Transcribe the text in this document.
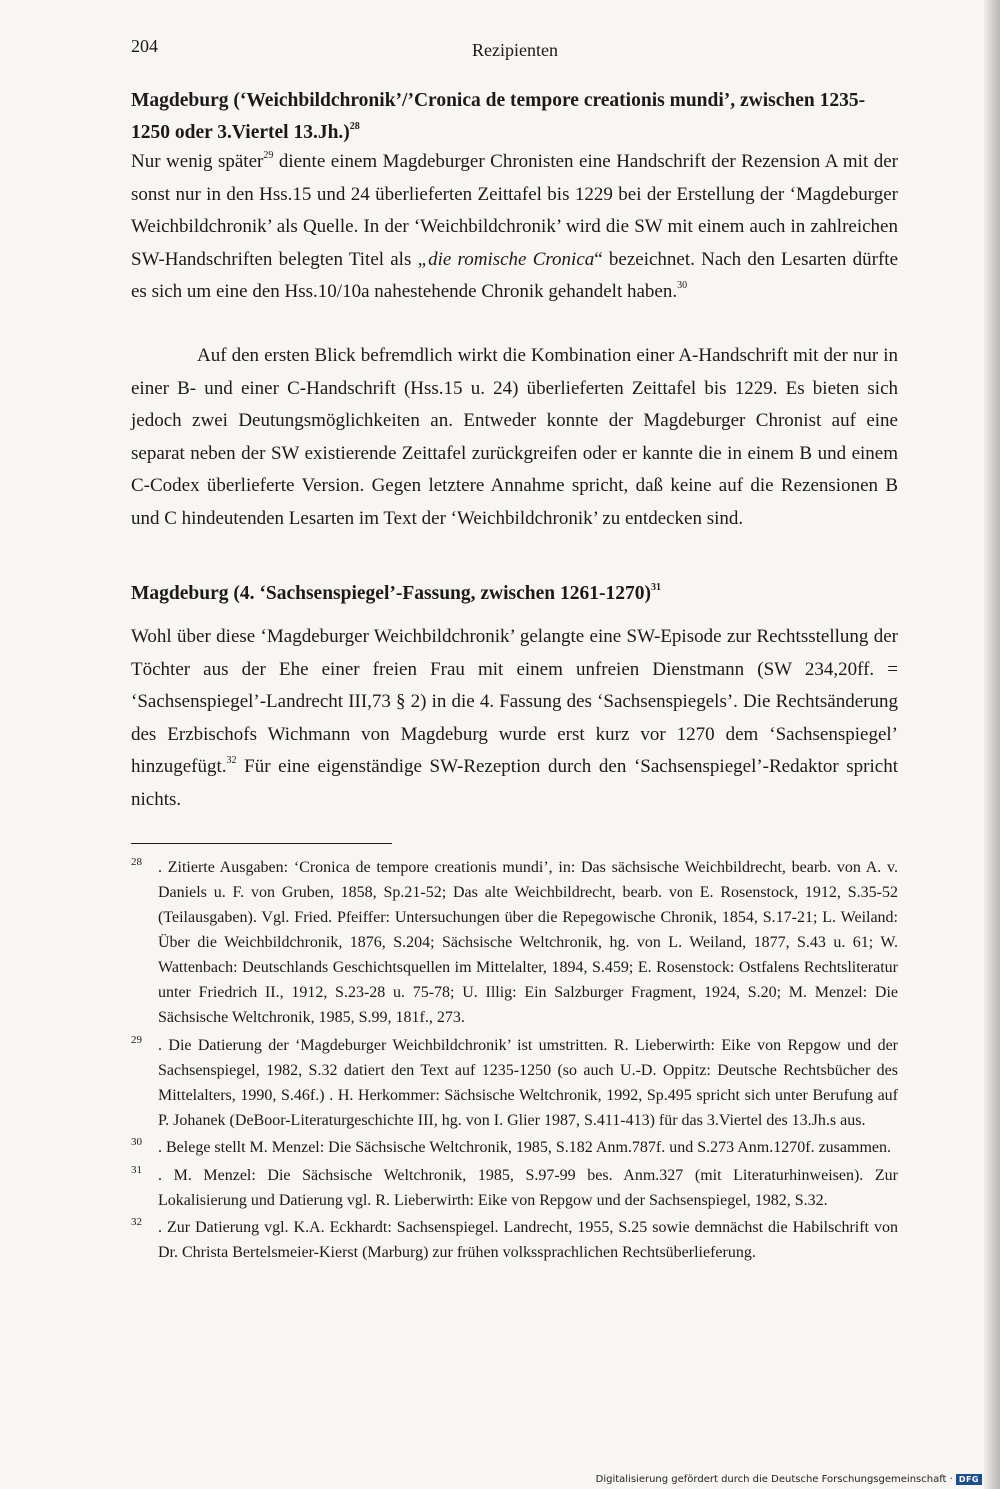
204	Rezipienten
Magdeburg (‘Weichbildchronik’/’Cronica de tempore creationis mundi’, zwischen 1235-1250 oder 3.Viertel 13.Jh.)$^{28}$
Nur wenig später$^{29}$ diente einem Magdeburger Chronisten eine Handschrift der Rezension A mit der sonst nur in den Hss.15 und 24 überlieferten Zeittafel bis 1229 bei der Erstellung der ‘Magdeburger Weichbildchronik’ als Quelle. In der ‘Weichbildchronik’ wird die SW mit einem auch in zahlreichen SW-Handschriften belegten Titel als „die romische Cronica“ bezeichnet. Nach den Lesarten dürfte es sich um eine den Hss.10/10a nahestehende Chronik gehandelt haben.$^{30}$
Auf den ersten Blick befremdlich wirkt die Kombination einer A-Handschrift mit der nur in einer B- und einer C-Handschrift (Hss.15 u. 24) überlieferten Zeittafel bis 1229. Es bieten sich jedoch zwei Deutungsmöglichkeiten an. Entweder konnte der Magdeburger Chronist auf eine separat neben der SW existierende Zeittafel zurückgreifen oder er kannte die in einem B und einem C-Codex überlieferte Version. Gegen letztere Annahme spricht, daß keine auf die Rezensionen B und C hindeutenden Lesarten im Text der ‘Weichbildchronik’ zu entdecken sind.
Magdeburg (4. ‘Sachsenspiegel’-Fassung, zwischen 1261-1270)$^{31}$
Wohl über diese ‘Magdeburger Weichbildchronik’ gelangte eine SW-Episode zur Rechtsstellung der Töchter aus der Ehe einer freien Frau mit einem unfreien Dienstmann (SW 234,20ff. = ‘Sachsenspiegel’-Landrecht III,73 § 2) in die 4. Fassung des ‘Sachsenspiegels’. Die Rechtsänderung des Erzbischofs Wichmann von Magdeburg wurde erst kurz vor 1270 dem ‘Sachsenspiegel’ hinzugefügt.$^{32}$ Für eine eigenständige SW-Rezeption durch den ‘Sachsenspiegel’-Redaktor spricht nichts.
28 . Zitierte Ausgaben: ‘Cronica de tempore creationis mundi’, in: Das sächsische Weichbildrecht, bearb. von A. v. Daniels u. F. von Gruben, 1858, Sp.21-52; Das alte Weichbildrecht, bearb. von E. Rosenstock, 1912, S.35-52 (Teilausgaben). Vgl. Fried. Pfeiffer: Untersuchungen über die Repegowische Chronik, 1854, S.17-21; L. Weiland: Über die Weichbildchronik, 1876, S.204; Sächsische Weltchronik, hg. von L. Weiland, 1877, S.43 u. 61; W. Wattenbach: Deutschlands Geschichtsquellen im Mittelalter, 1894, S.459; E. Rosenstock: Ostfalens Rechtsliteratur unter Friedrich II., 1912, S.23-28 u. 75-78; U. Illig: Ein Salzburger Fragment, 1924, S.20; M. Menzel: Die Sächsische Weltchronik, 1985, S.99, 181f., 273.
29 . Die Datierung der ‘Magdeburger Weichbildchronik’ ist umstritten. R. Lieberwirth: Eike von Repgow und der Sachsenspiegel, 1982, S.32 datiert den Text auf 1235-1250 (so auch U.-D. Oppitz: Deutsche Rechtsbücher des Mittelalters, 1990, S.46f.) . H. Herkommer: Sächsische Weltchronik, 1992, Sp.495 spricht sich unter Berufung auf P. Johanek (DeBoor-Literaturgeschichte III, hg. von I. Glier 1987, S.411-413) für das 3.Viertel des 13.Jh.s aus.
30 . Belege stellt M. Menzel: Die Sächsische Weltchronik, 1985, S.182 Anm.787f. und S.273 Anm.1270f. zusammen.
31 . M. Menzel: Die Sächsische Weltchronik, 1985, S.97-99 bes. Anm.327 (mit Literaturhinweisen). Zur Lokalisierung und Datierung vgl. R. Lieberwirth: Eike von Repgow und der Sachsenspiegel, 1982, S.32.
32 . Zur Datierung vgl. K.A. Eckhardt: Sachsenspiegel. Landrecht, 1955, S.25 sowie demnächst die Habilschrift von Dr. Christa Bertelsmeier-Kierst (Marburg) zur frühen volkssprachlichen Rechtsüberlieferung.
Digitalisierung gefördert durch die Deutsche Forschungsgemeinschaft · DFG
